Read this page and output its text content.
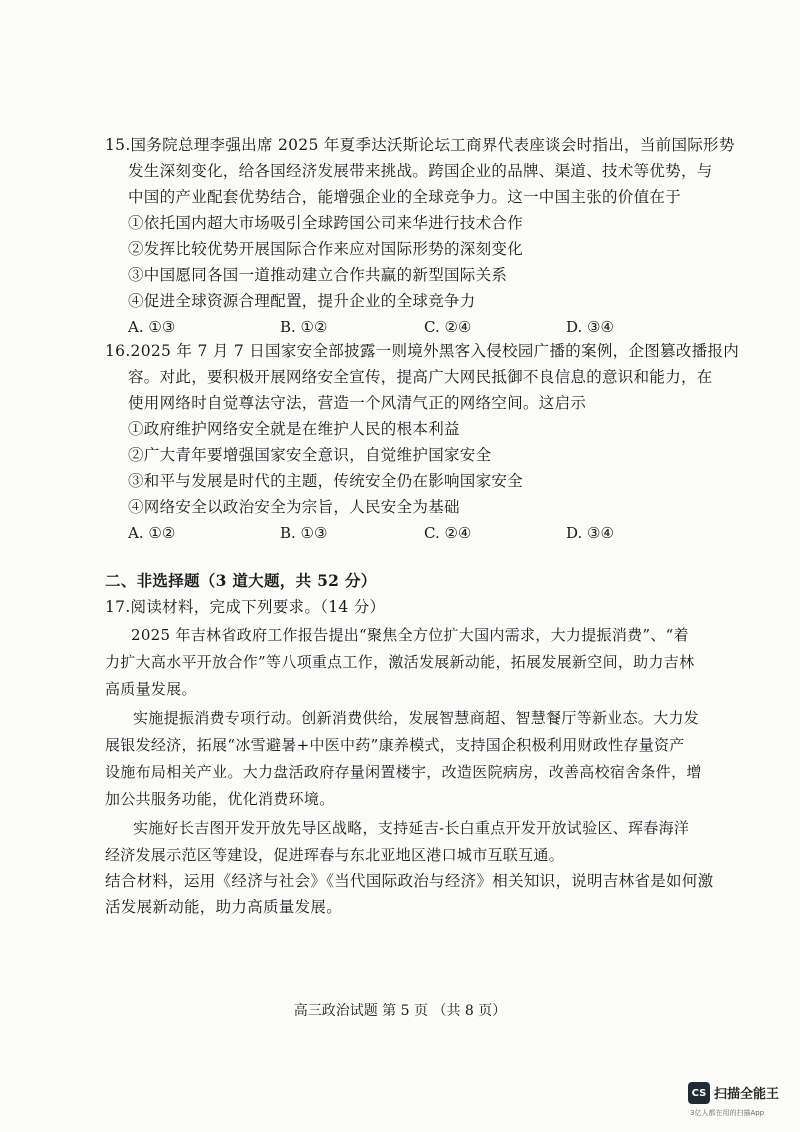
15.国务院总理李强出席 2025 年夏季达沃斯论坛工商界代表座谈会时指出，当前国际形势
发生深刻变化，给各国经济发展带来挑战。跨国企业的品牌、渠道、技术等优势，与
中国的产业配套优势结合，能增强企业的全球竞争力。这一中国主张的价值在于
①依托国内超大市场吸引全球跨国公司来华进行技术合作
②发挥比较优势开展国际合作来应对国际形势的深刻变化
③中国愿同各国一道推动建立合作共赢的新型国际关系
④促进全球资源合理配置，提升企业的全球竞争力
A. ①③	B. ①②	C. ②④	D. ③④
16.2025 年 7 月 7 日国家安全部披露一则境外黑客入侵校园广播的案例，企图篡改播报内
容。对此，要积极开展网络安全宣传，提高广大网民抵御不良信息的意识和能力，在
使用网络时自觉尊法守法，营造一个风清气正的网络空间。这启示
①政府维护网络安全就是在维护人民的根本利益
②广大青年要增强国家安全意识，自觉维护国家安全
③和平与发展是时代的主题，传统安全仍在影响国家安全
④网络安全以政治安全为宗旨，人民安全为基础
A. ①②	B. ①③	C. ②④	D. ③④
二、非选择题（3 道大题，共 52 分）
17.阅读材料，完成下列要求。（14 分）
2025 年吉林省政府工作报告提出“聚焦全方位扩大国内需求，大力提振消费”、“着
力扩大高水平开放合作”等八项重点工作，激活发展新动能，拓展发展新空间，助力吉林
高质量发展。
实施提振消费专项行动。创新消费供给，发展智慧商超、智慧餐厅等新业态。大力发
展银发经济，拓展“冰雪避暑+中医中药”康养模式，支持国企积极利用财政性存量资产
设施布局相关产业。大力盘活政府存量闲置楼宇，改造医院病房，改善高校宿舍条件，增
加公共服务功能，优化消费环境。
实施好长吉图开发开放先导区战略，支持延吉-长白重点开发开放试验区、珲春海洋
经济发展示范区等建设，促进珲春与东北亚地区港口城市互联互通。
结合材料，运用《经济与社会》《当代国际政治与经济》相关知识，说明吉林省是如何激
活发展新动能，助力高质量发展。
高三政治试题 第 5 页 （共 8 页）
CS 扫描全能王
3亿人都在用的扫描App
